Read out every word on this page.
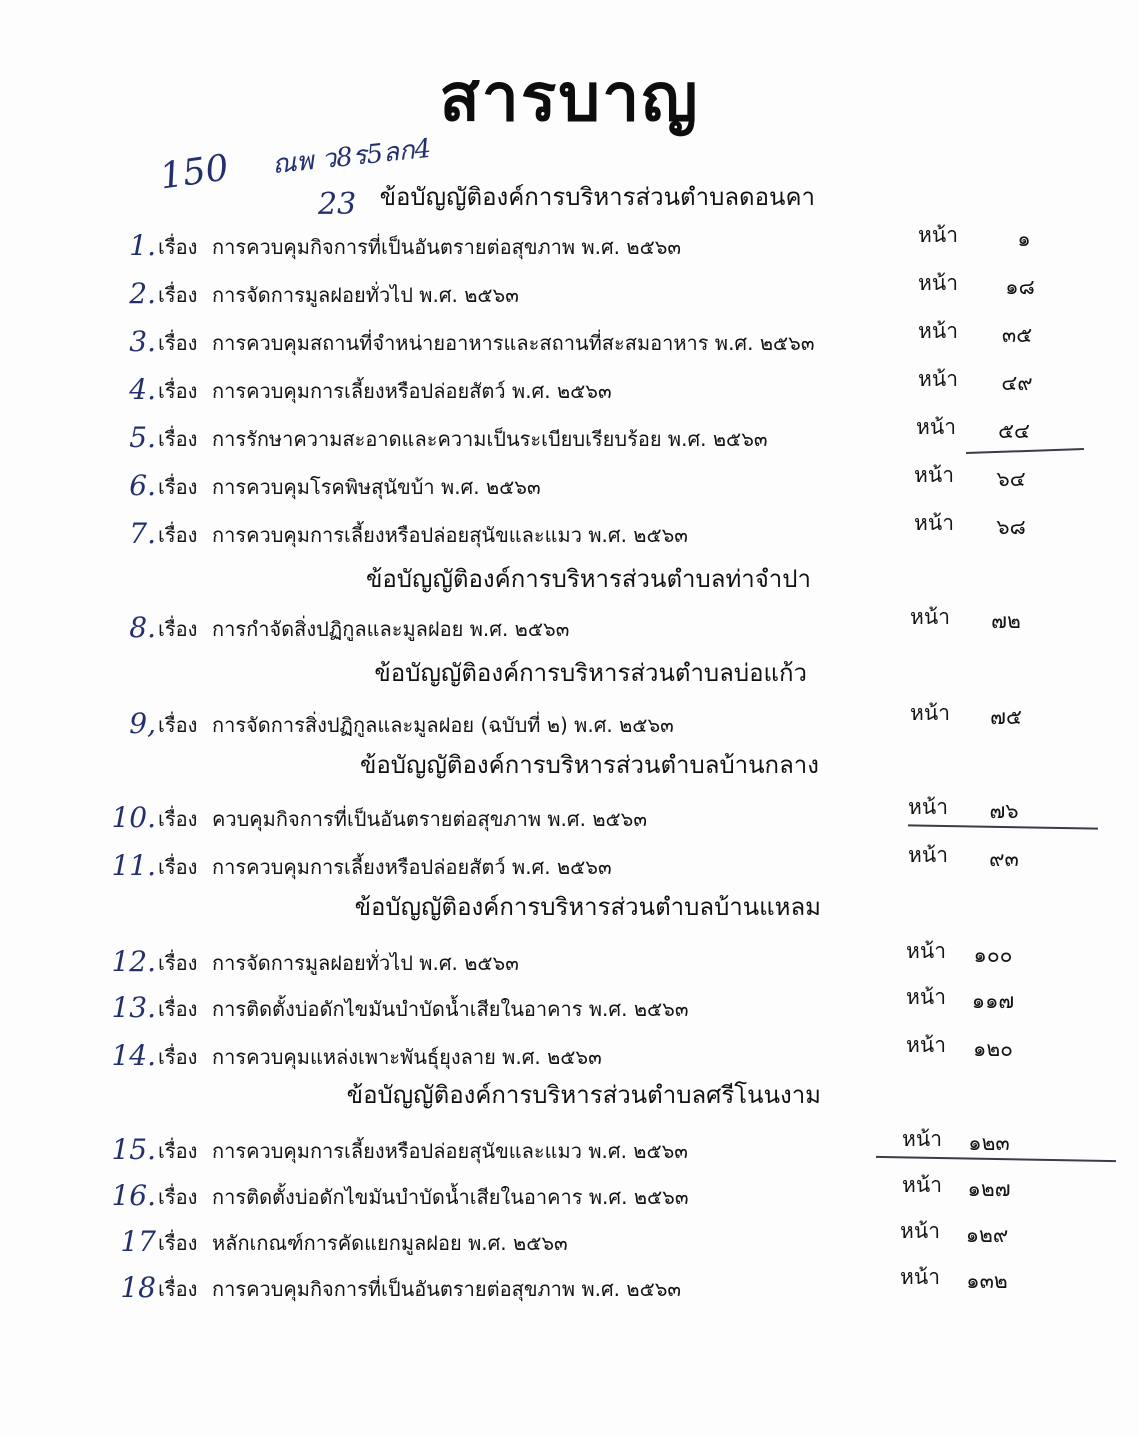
สารบาญ
150 ณพ ว8ร5ลก4
23 ข้อบัญญัติองค์การบริหารส่วนตำบลดอนคา
ข้อบัญญัติองค์การบริหารส่วนตำบลท่าจำปา
ข้อบัญญัติองค์การบริหารส่วนตำบลบ่อแก้ว
ข้อบัญญัติองค์การบริหารส่วนตำบลบ้านกลาง
ข้อบัญญัติองค์การบริหารส่วนตำบลบ้านแหลม
ข้อบัญญัติองค์การบริหารส่วนตำบลศรีโนนงาม
1. เรื่อง การควบคุมกิจการที่เป็นอันตรายต่อสุขภาพ พ.ศ. ๒๕๖๓	หน้า	๑
2. เรื่อง การจัดการมูลฝอยทั่วไป พ.ศ. ๒๕๖๓	หน้า	๑๘
3. เรื่อง การควบคุมสถานที่จำหน่ายอาหารและสถานที่สะสมอาหาร พ.ศ. ๒๕๖๓	หน้า	๓๕
4. เรื่อง การควบคุมการเลี้ยงหรือปล่อยสัตว์ พ.ศ. ๒๕๖๓	หน้า	๔๙
5. เรื่อง การรักษาความสะอาดและความเป็นระเบียบเรียบร้อย พ.ศ. ๒๕๖๓	หน้า	๕๔
6. เรื่อง การควบคุมโรคพิษสุนัขบ้า พ.ศ. ๒๕๖๓	หน้า	๖๔
7. เรื่อง การควบคุมการเลี้ยงหรือปล่อยสุนัขและแมว พ.ศ. ๒๕๖๓	หน้า	๖๘
8. เรื่อง การกำจัดสิ่งปฏิกูลและมูลฝอย พ.ศ. ๒๕๖๓	หน้า	๗๒
9, เรื่อง การจัดการสิ่งปฏิกูลและมูลฝอย (ฉบับที่ ๒) พ.ศ. ๒๕๖๓	หน้า	๗๕
10. เรื่อง ควบคุมกิจการที่เป็นอันตรายต่อสุขภาพ พ.ศ. ๒๕๖๓	หน้า	๗๖
11. เรื่อง การควบคุมการเลี้ยงหรือปล่อยสัตว์ พ.ศ. ๒๕๖๓	หน้า	๙๓
12. เรื่อง การจัดการมูลฝอยทั่วไป พ.ศ. ๒๕๖๓	หน้า	๑๐๐
13. เรื่อง การติดตั้งบ่อดักไขมันบำบัดน้ำเสียในอาคาร พ.ศ. ๒๕๖๓	หน้า	๑๑๗
14. เรื่อง การควบคุมแหล่งเพาะพันธุ์ยุงลาย พ.ศ. ๒๕๖๓	หน้า	๑๒๐
15. เรื่อง การควบคุมการเลี้ยงหรือปล่อยสุนัขและแมว พ.ศ. ๒๕๖๓	หน้า	๑๒๓
16. เรื่อง การติดตั้งบ่อดักไขมันบำบัดน้ำเสียในอาคาร พ.ศ. ๒๕๖๓	หน้า	๑๒๗
17 เรื่อง หลักเกณฑ์การคัดแยกมูลฝอย พ.ศ. ๒๕๖๓	หน้า	๑๒๙
18 เรื่อง การควบคุมกิจการที่เป็นอันตรายต่อสุขภาพ พ.ศ. ๒๕๖๓	หน้า	๑๓๒
